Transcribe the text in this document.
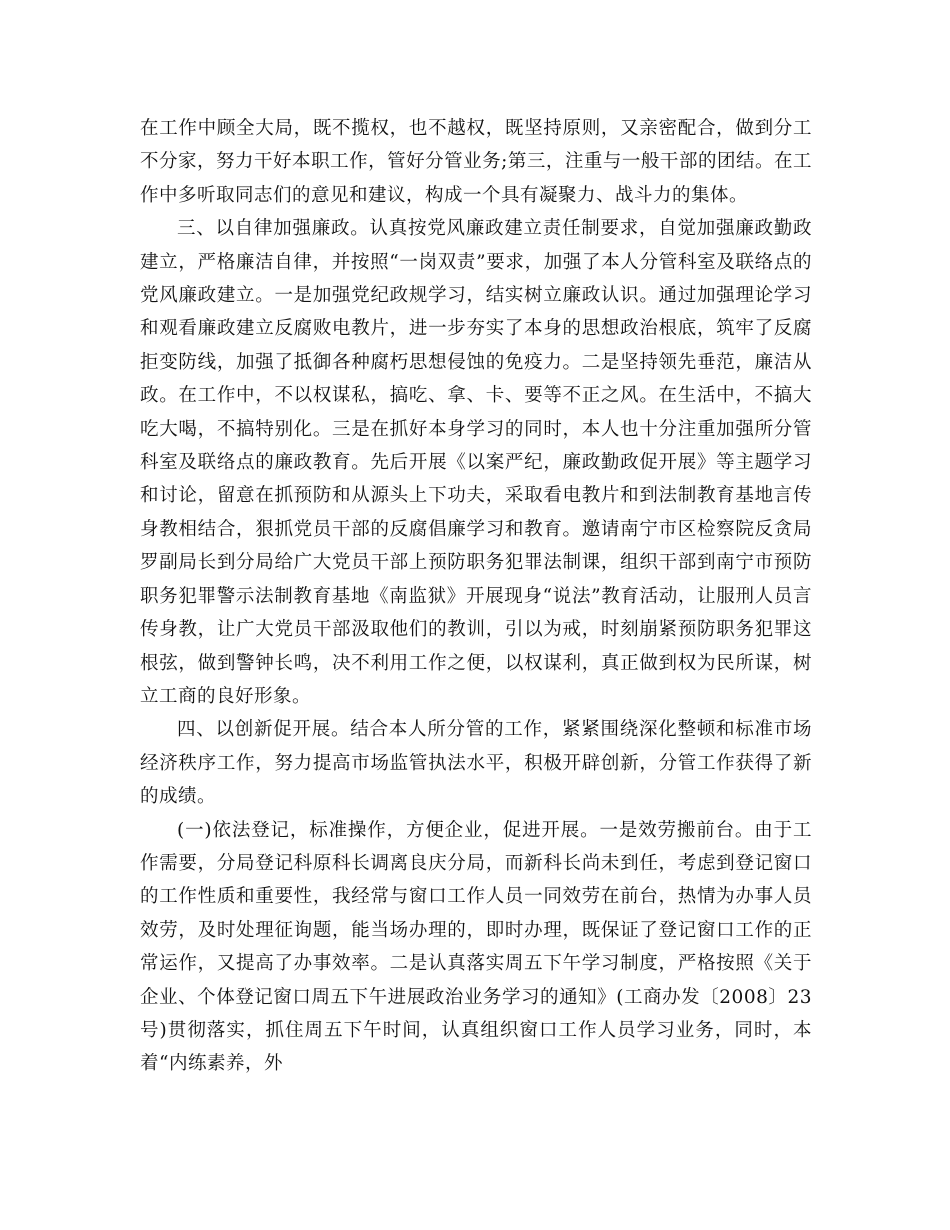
在工作中顾全大局，既不揽权，也不越权，既坚持原则，又亲密配合，做到分工不分家，努力干好本职工作，管好分管业务;第三，注重与一般干部的团结。在工作中多听取同志们的意见和建议，构成一个具有凝聚力、战斗力的集体。

三、以自律加强廉政。认真按党风廉政建立责任制要求，自觉加强廉政勤政建立，严格廉洁自律，并按照“一岗双责”要求，加强了本人分管科室及联络点的党风廉政建立。一是加强党纪政规学习，结实树立廉政认识。通过加强理论学习和观看廉政建立反腐败电教片，进一步夯实了本身的思想政治根底，筑牢了反腐拒变防线，加强了抵御各种腐朽思想侵蚀的免疫力。二是坚持领先垂范，廉洁从政。在工作中，不以权谋私，搞吃、拿、卡、要等不正之风。在生活中，不搞大吃大喝，不搞特别化。三是在抓好本身学习的同时，本人也十分注重加强所分管科室及联络点的廉政教育。先后开展《以案严纪，廉政勤政促开展》等主题学习和讨论，留意在抓预防和从源头上下功夫，采取看电教片和到法制教育基地言传身教相结合，狠抓党员干部的反腐倡廉学习和教育。邀请南宁市区检察院反贪局罗副局长到分局给广大党员干部上预防职务犯罪法制课，组织干部到南宁市预防职务犯罪警示法制教育基地《南监狱》开展现身“说法”教育活动，让服刑人员言传身教，让广大党员干部汲取他们的教训，引以为戒，时刻崩紧预防职务犯罪这根弦，做到警钟长鸣，决不利用工作之便，以权谋利，真正做到权为民所谋，树立工商的良好形象。

四、以创新促开展。结合本人所分管的工作，紧紧围绕深化整顿和标准市场经济秩序工作，努力提高市场监管执法水平，积极开辟创新，分管工作获得了新的成绩。

(一)依法登记，标准操作，方便企业，促进开展。一是效劳搬前台。由于工作需要，分局登记科原科长调离良庆分局，而新科长尚未到任，考虑到登记窗口的工作性质和重要性，我经常与窗口工作人员一同效劳在前台，热情为办事人员效劳，及时处理征询题，能当场办理的，即时办理，既保证了登记窗口工作的正常运作，又提高了办事效率。二是认真落实周五下午学习制度，严格按照《关于企业、个体登记窗口周五下午进展政治业务学习的通知》(工商办发〔2008〕23号)贯彻落实，抓住周五下午时间，认真组织窗口工作人员学习业务，同时，本着“内练素养，外
